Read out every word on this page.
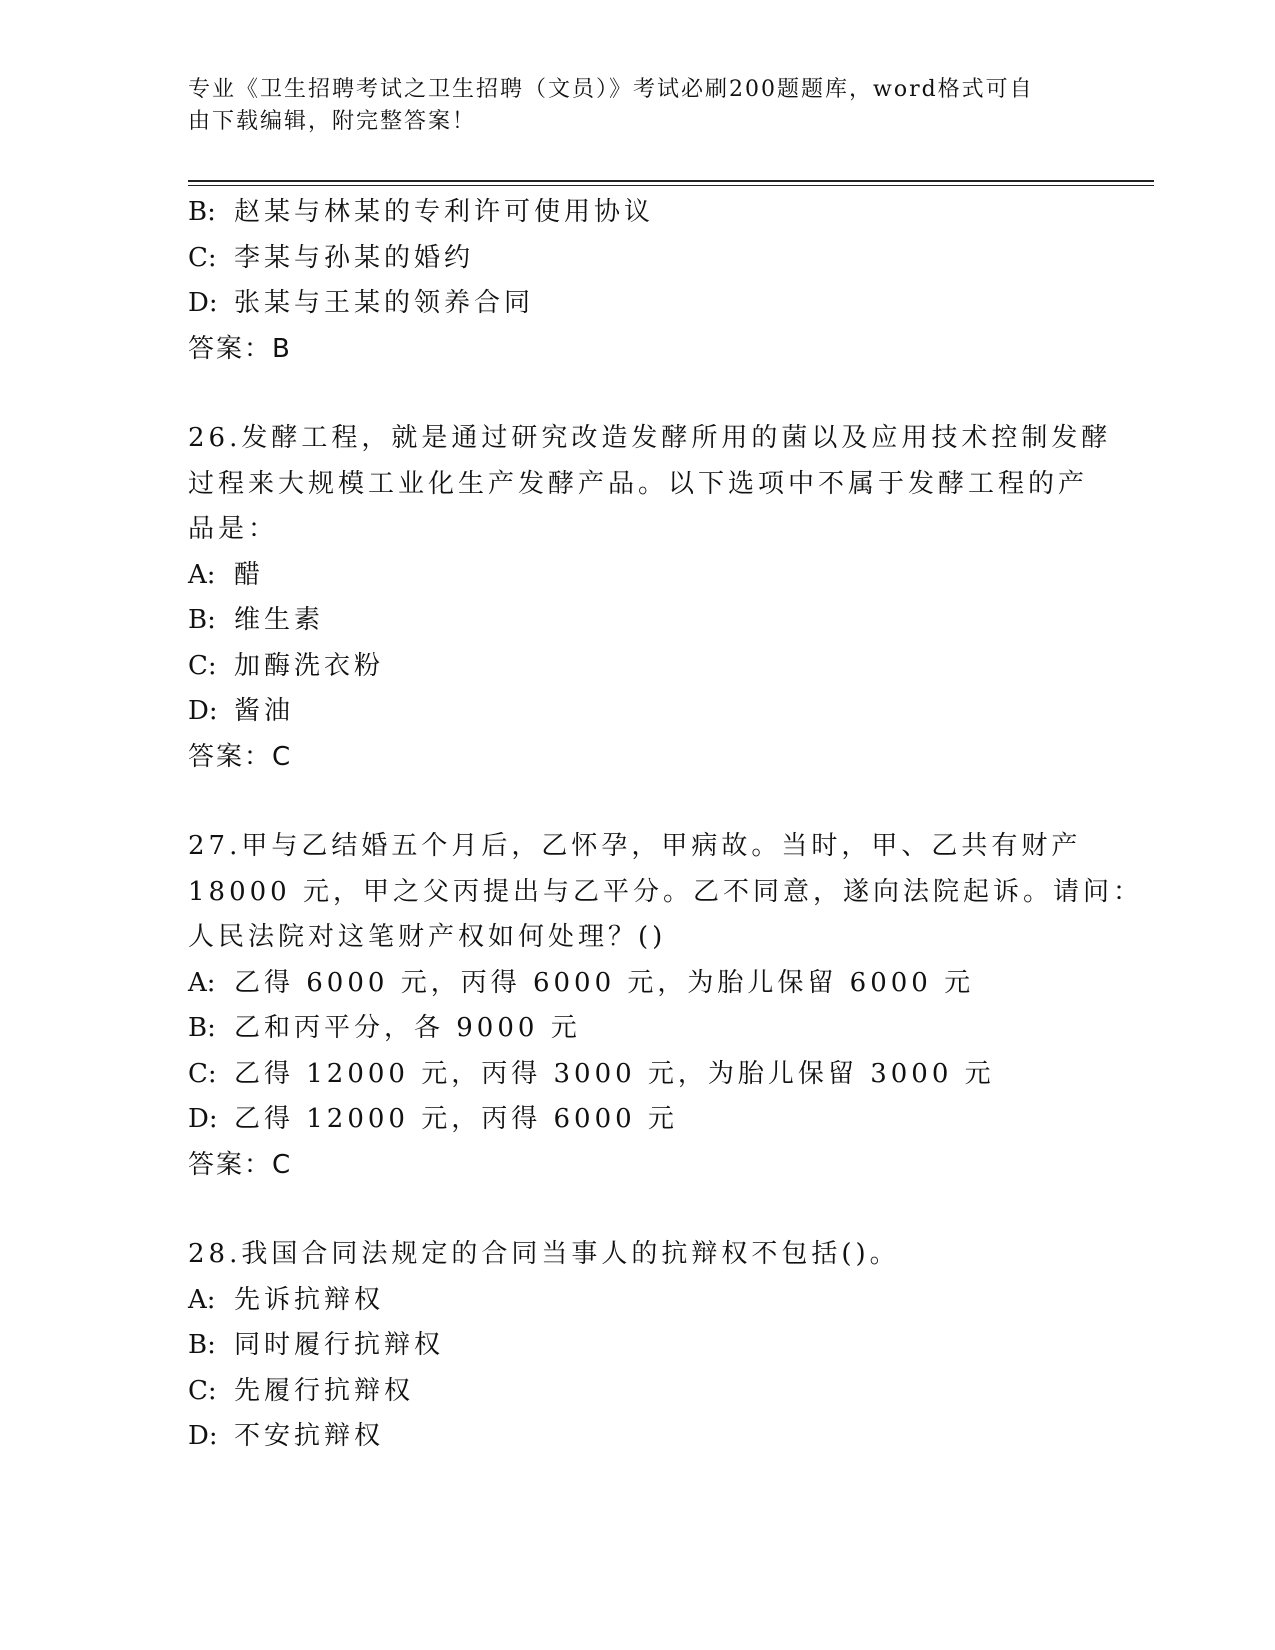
专业《卫生招聘考试之卫生招聘（文员）》考试必刷200题题库，word格式可自
由下载编辑，附完整答案！
B: 赵某与林某的专利许可使用协议
C: 李某与孙某的婚约
D: 张某与王某的领养合同
答案：B
26.发酵工程，就是通过研究改造发酵所用的菌以及应用技术控制发酵
过程来大规模工业化生产发酵产品。以下选项中不属于发酵工程的产
品是：
A: 醋
B: 维生素
C: 加酶洗衣粉
D: 酱油
答案：C
27.甲与乙结婚五个月后，乙怀孕，甲病故。当时，甲、乙共有财产
18000 元，甲之父丙提出与乙平分。乙不同意，遂向法院起诉。请问：
人民法院对这笔财产权如何处理？()
A: 乙得 6000 元，丙得 6000 元，为胎儿保留 6000 元
B: 乙和丙平分，各 9000 元
C: 乙得 12000 元，丙得 3000 元，为胎儿保留 3000 元
D: 乙得 12000 元，丙得 6000 元
答案：C
28.我国合同法规定的合同当事人的抗辩权不包括()。
A: 先诉抗辩权
B: 同时履行抗辩权
C: 先履行抗辩权
D: 不安抗辩权
